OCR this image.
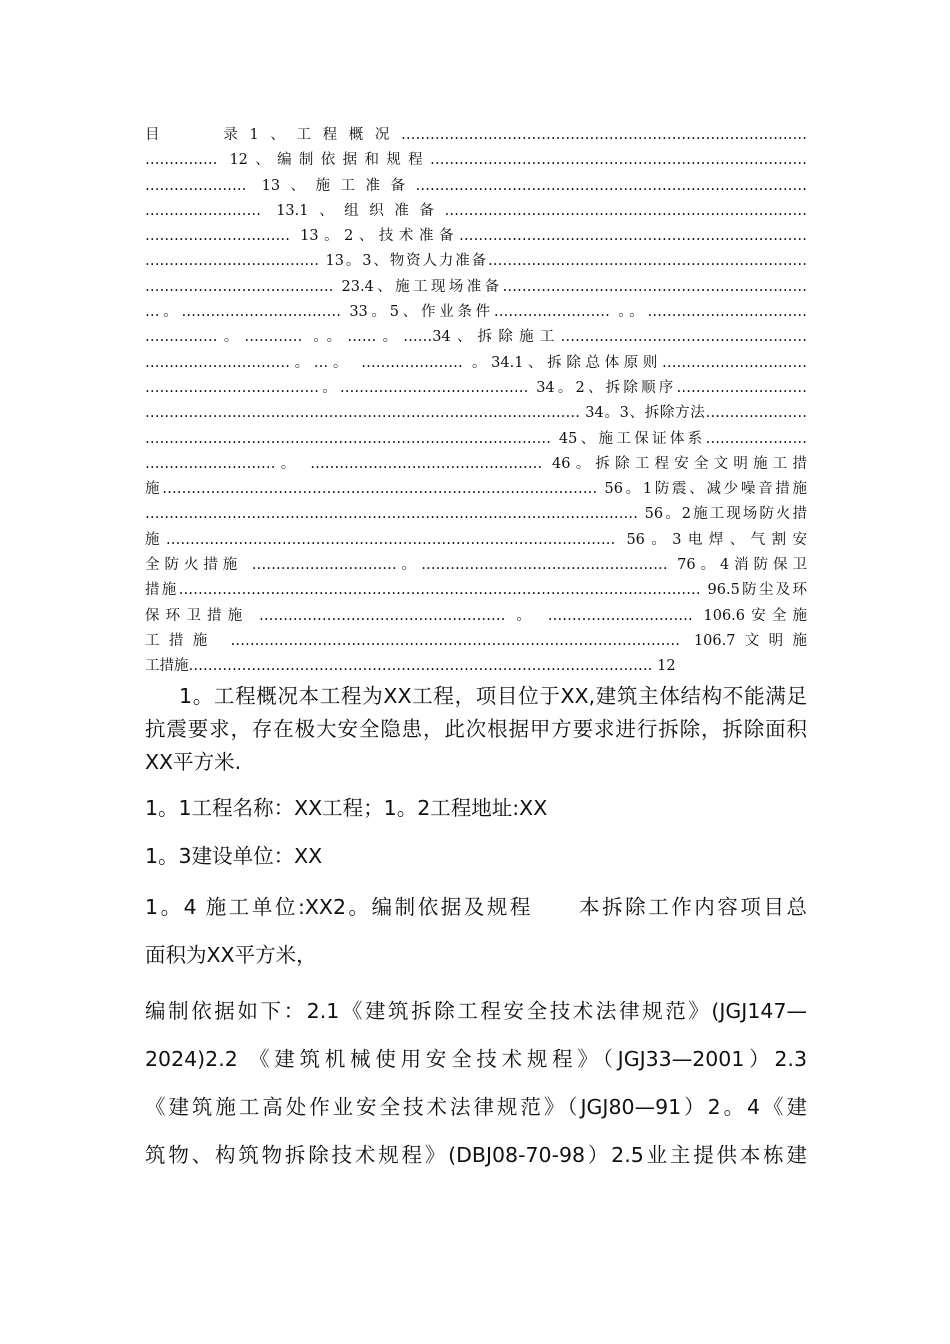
目　　录1、工程概况…………………………………………………………………………
…………… 12、编制依据和规程……………………………………………………………………
………………… 13、施工准备………………………………………………………………………
…………………… 13.1、组织准备…………………………………………………………………
………………………… 13。2、技术准备………………………………………………………………
……………………………… 13。3、物资人力准备…………………………………………………………
………………………………… 23.4、施工现场准备………………………………………………………
…。…………………………… 33。5、作业条件…………………… 。。……………………………
……………。………… 。。……。……34、拆除施工……………………………………………
…………………………。…。 ………………… 。34.1、拆除总体原则…………………………
………………………………。………………………………… 34。2、拆除顺序………………………
……………………………………………………………………………… 34。3、拆除方法…………………
………………………………………………………………………… 45、施工保证体系…………………
………………………。 ………………………………………… 46。拆除工程安全文明施工措
施……………………………………………………………………………… 56。1防震、减少噪音措施
………………………………………………………………………………………… 56。2施工现场防火措
施………………………………………………………………………………… 56。3电焊、气割安
全防火措施 …………………………。…………………………………………… 76。4消防保卫
措施……………………………………………………………………………………………… 96.5防尘及环
保环卫措施 …………………………………………… 。 ………………………… 106.6安全施
工措施 ………………………………………………………………………………… 106.7文明施
工措施…………………………………………………………………………………… 12

1。工程概况本工程为XX工程，项目位于XX,建筑主体结构不能满足抗震要求，存在极大安全隐患，此次根据甲方要求进行拆除，拆除面积XX平方米.

1。1工程名称：XX工程；1。2工程地址:XX

1。3建设单位：XX

1。4 施工单位:XX2。编制依据及规程　　本拆除工作内容项目总
面积为XX平方米，
编制依据如下：2.1《建筑拆除工程安全技术法律规范》(JGJ147—
2024)2.2 《建筑机械使用安全技术规程》（JGJ33—2001）2.3
《建筑施工高处作业安全技术法律规范》（JGJ80—91）2。4《建
筑物、构筑物拆除技术规程》(DBJ08-70-98）2.5业主提供本栋建
